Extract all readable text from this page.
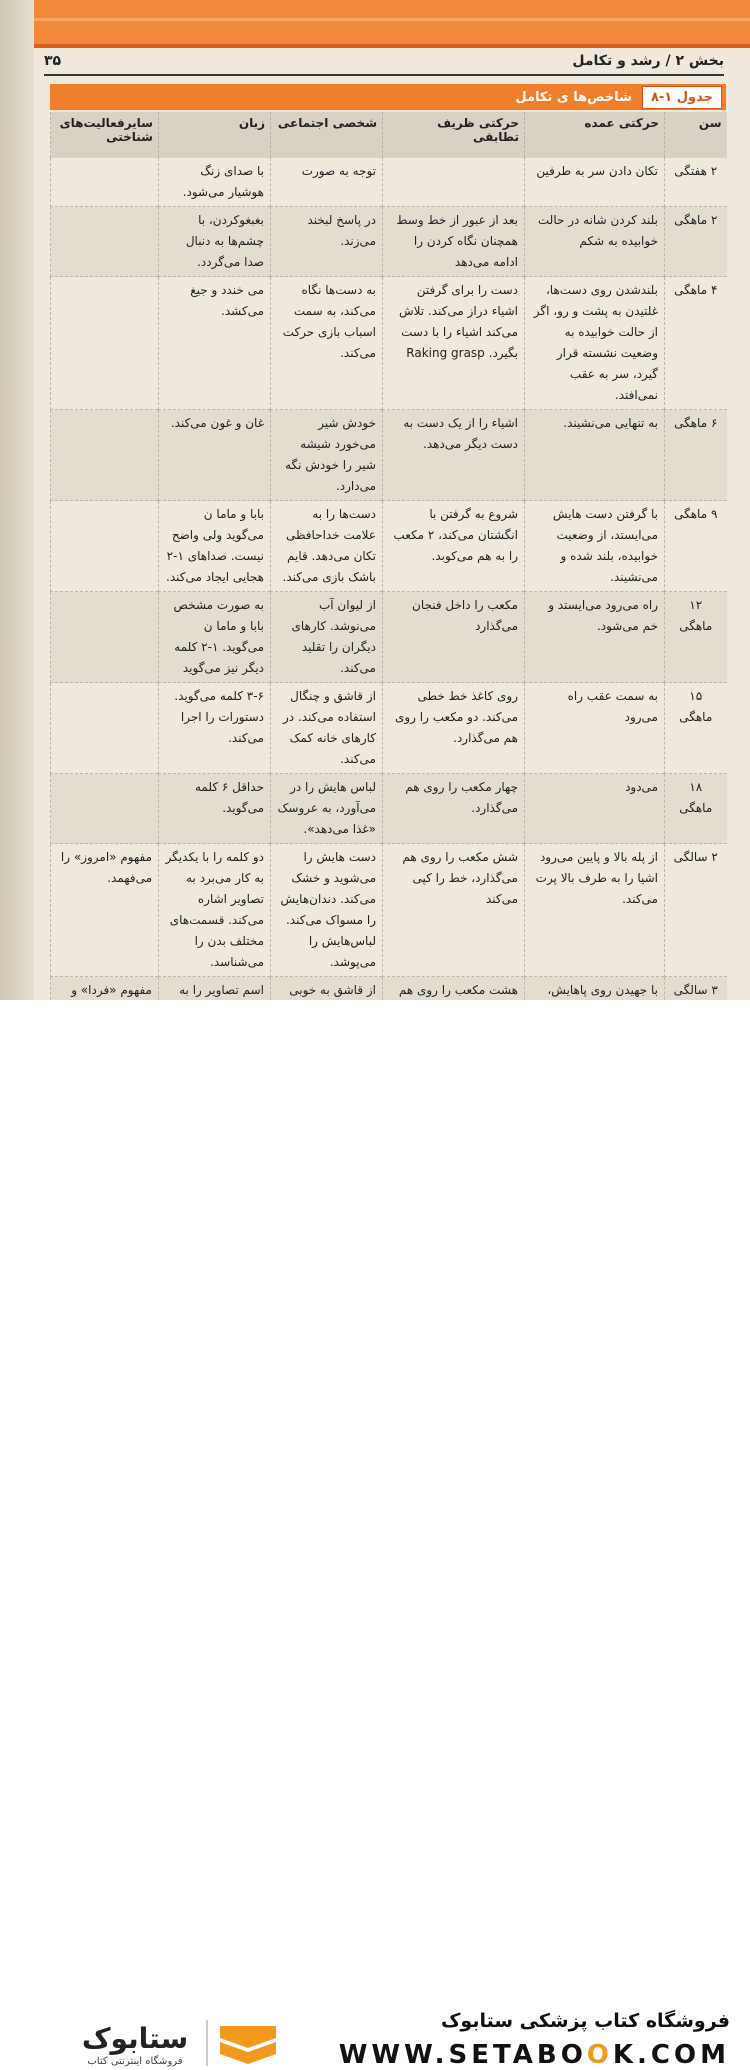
بخش ۲ / رشد و تکامل
۳۵
جدول ۱-۸
شاخص‌ها ی تکامل
سن	حرکتی عمده	حرکتی ظریف تطابقی	شخصی اجتماعی	زبان	سایرفعالیت‌های شناختی
۲ هفتگی	تکان دادن سر به طرفین		توجه به صورت	با صدای زنگ هوشیار می‌شود.	
۲ ماهگی	بلند کردن شانه در حالت خوابیده به شکم	بعد از عبور از خط وسط همچنان نگاه کردن را ادامه می‌دهد	در پاسخ لبخند می‌زند.	بغبغوکردن، با چشم‌ها به دنبال صدا می‌گردد.	
۴ ماهگی	بلندشدن روی دست‌ها، غلتیدن به پشت و رو، اگر از حالت خوابیده به وضعیت نشسته قرار گیرد، سر به عقب نمی‌افتد.	دست را برای گرفتن اشیاء دراز می‌کند. تلاش می‌کند اشیاء را با دست بگیرد. Raking grasp	به دست‌ها نگاه می‌کند، به سمت اسباب بازی حرکت می‌کند.	می خندد و جیغ می‌کشد.	
۶ ماهگی	به تنهایی می‌نشیند.	اشیاء را از یک دست به دست دیگر می‌دهد.	خودش شیر می‌خورد شیشه شیر را خودش نگه می‌دارد.	غان و غون می‌کند.	
۹ ماهگی	با گرفتن دست هایش می‌ایستد، از وضعیت خوابیده، بلند شده و می‌نشیند.	شروع به گرفتن با انگشتان می‌کند، ۲ مکعب را به هم می‌کوبد.	دست‌ها را به علامت خداحافظی تکان می‌دهد. قایم باشک بازی می‌کند.	بابا و ماما ن می‌گوید ولی واضح نیست. صداهای ۱-۲ هجایی ایجاد می‌کند.	
۱۲ ماهگی	راه می‌رود می‌ایستد و خم می‌شود.	مکعب را داخل فنجان می‌گذارد	از لیوان آب می‌نوشد. کارهای دیگران را تقلید می‌کند.	به صورت مشخص بابا و ماما ن می‌گوید. ۱-۲ کلمه دیگر نیز می‌گوید	
۱۵ ماهگی	به سمت عقب راه می‌رود	روی کاغذ خط خطی می‌کند. دو مکعب را روی هم می‌گذارد.	از قاشق و چنگال استفاده می‌کند. در کارهای خانه کمک می‌کند.	۳-۶ کلمه می‌گوید. دستورات را اجرا می‌کند.	
۱۸ ماهگی	می‌دود	چهار مکعب را روی هم می‌گذارد.	لباس هایش را در می‌آورد، به عروسک «غذا می‌دهد».	حداقل ۶ کلمه می‌گوید.	
۲ سالگی	از پله بالا و پایین می‌رود اشیا را به طرف بالا پرت می‌کند.	شش مکعب را روی هم می‌گذارد، خط را کپی می‌کند	دست هایش را می‌شوید و خشک می‌کند. دندان‌هایش را مسواک می‌کند. لباس‌هایش را می‌پوشد.	دو کلمه را با یکدیگر به کار می‌برد به تصاویر اشاره می‌کند. قسمت‌های مختلف بدن را می‌شناسد.	مفهوم «امروز» را می‌فهمد.
۳ سالگی	با جهیدن روی پاهایش،	هشت مکعب را روی هم	از قاشق به خوبی	اسم تصاویر را به	مفهوم «فردا» و
ستابوک
فروشگاه اینترنتی کتاب
فروشگاه کتاب پزشکی ستابوک
WWW.SETABOOK.COM
